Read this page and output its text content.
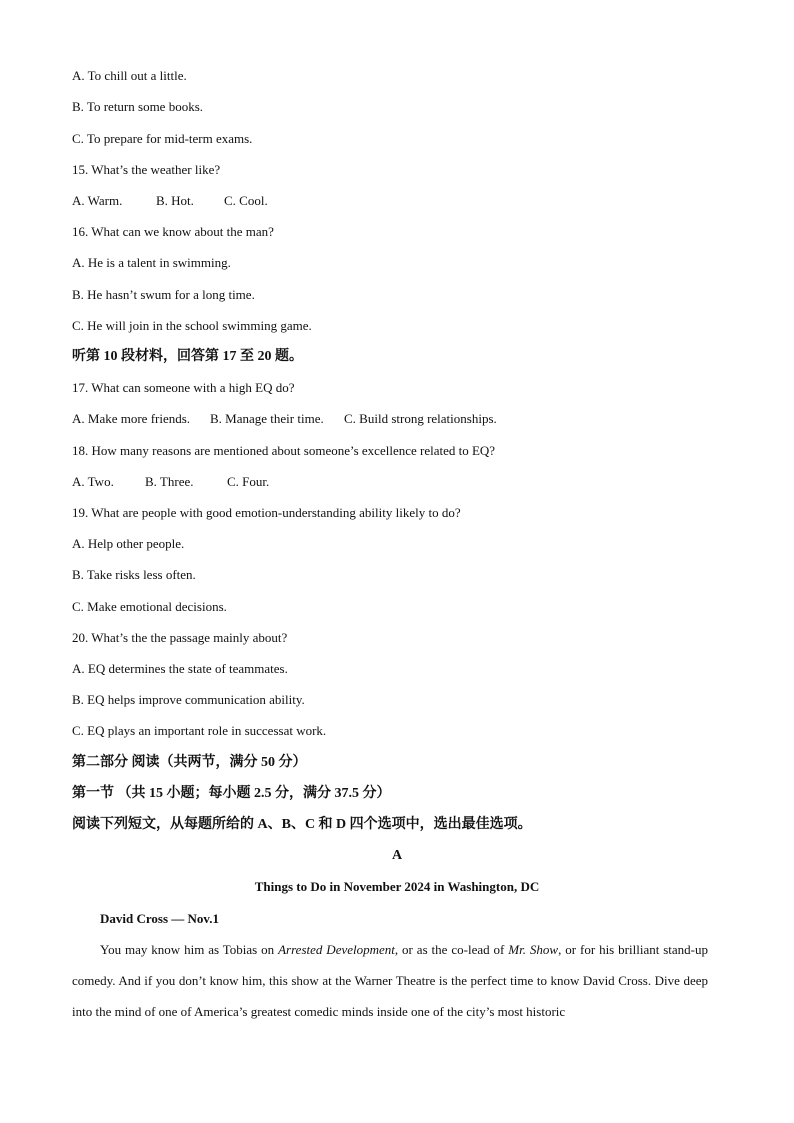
A. To chill out a little.
B. To return some books.
C. To prepare for mid-term exams.
15. What’s the weather like?
A. Warm.	B. Hot. C. Cool.
16. What can we know about the man?
A. He is a talent in swimming.
B. He hasn’t swum for a long time.
C. He will join in the school swimming game.
听第 10 段材料，回答第 17 至 20 题。
17. What can someone with a high EQ do?
A. Make more friends. B. Manage their time. C. Build strong relationships.
18. How many reasons are mentioned about someone’s excellence related to EQ?
A. Two. B. Three.	C. Four.
19. What are people with good emotion-understanding ability likely to do?
A. Help other people.
B. Take risks less often.
C. Make emotional decisions.
20. What’s the the passage mainly about?
A. EQ determines the state of teammates.
B. EQ helps improve communication ability.
C. EQ plays an important role in successat work.
第二部分 阅读（共两节，满分 50 分）
第一节 （共 15 小题；每小题 2.5 分，满分 37.5 分）
阅读下列短文，从每题所给的 A、B、C 和 D 四个选项中，选出最佳选项。
A
Things to Do in November 2024 in Washington, DC
David Cross — Nov.1
You may know him as Tobias on Arrested Development, or as the co-lead of Mr. Show, or for his brilliant stand-up comedy. And if you don’t know him, this show at the Warner Theatre is the perfect time to know David Cross. Dive deep into the mind of one of America’s greatest comedic minds inside one of the city’s most historic
